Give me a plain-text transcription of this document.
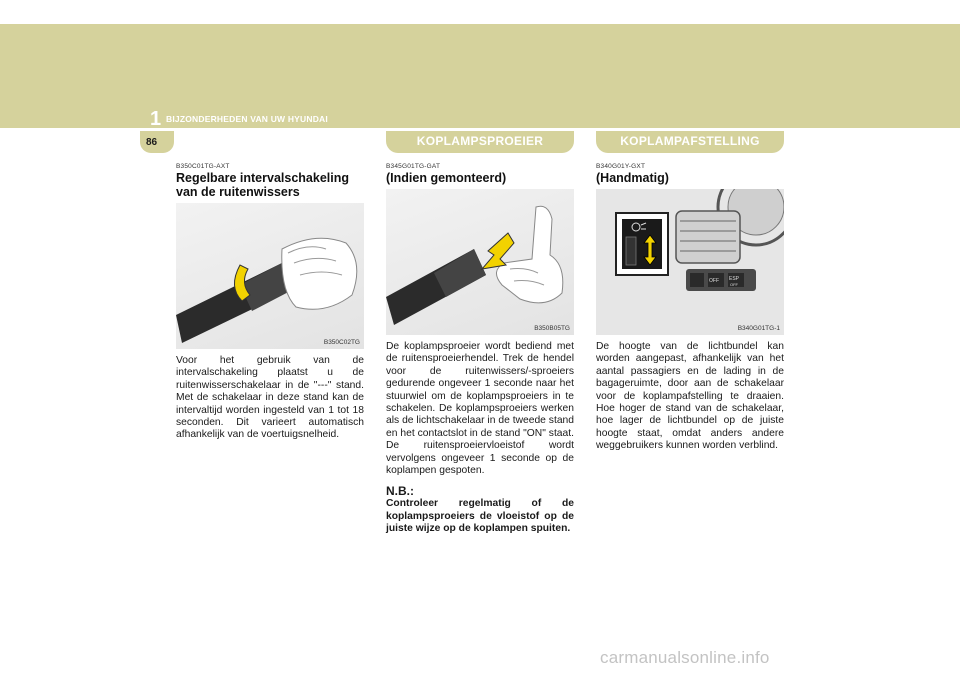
1 BIJZONDERHEDEN VAN UW HYUNDAI
86	KOPLAMPSPROEIER	KOPLAMPAFSTELLING
B350C01TG-AXT
Regelbare intervalschakeling van de ruitenwissers
B350C02TG
Voor het gebruik van de intervalschakeling plaatst u de ruitenwisserschakelaar in de "---" stand. Met de schakelaar in deze stand kan de intervaltijd worden ingesteld van 1 tot 18 seconden. Dit varieert automatisch afhankelijk van de voertuigsnelheid.
B345G01TG-GAT
(Indien gemonteerd)
B350B05TG
De koplampsproeier wordt bediend met de ruitensproeierhendel. Trek de hendel voor de ruitenwissers/-sproeiers gedurende ongeveer 1 seconde naar het stuurwiel om de koplampsproeiers in te schakelen. De koplampsproeiers werken als de lichtschakelaar in de tweede stand en het contactslot in de stand "ON" staat. De ruitensproeiervloeistof wordt vervolgens ongeveer 1 seconde op de koplampen gespoten.
N.B.:
Controleer regelmatig of de koplampsproeiers de vloeistof op de juiste wijze op de koplampen spuiten.
B340G01Y-GXT
(Handmatig)
OFF ESP
OFF
B340G01TG-1
De hoogte van de lichtbundel kan worden aangepast, afhankelijk van het aantal passagiers en de lading in de bagageruimte, door aan de schakelaar voor de koplampafstelling te draaien. Hoe hoger de stand van de schakelaar, hoe lager de lichtbundel op de juiste hoogte staat, omdat anders andere weggebruikers kunnen worden verblind.
carmanualsonline.info
